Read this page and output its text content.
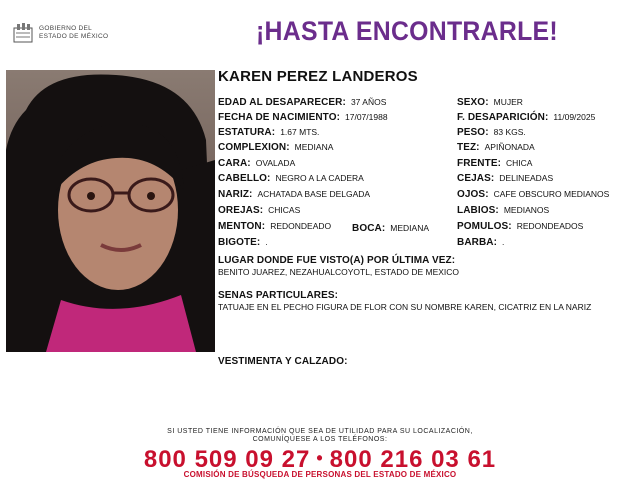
GOBIERNO DEL
ESTADO DE MÉXICO	¡HASTA ENCONTRARLE!
KAREN PEREZ LANDEROS
EDAD AL DESAPARECER: 37 AÑOS	SEXO: MUJER
FECHA DE NACIMIENTO: 17/07/1988	F. DESAPARICIÓN: 11/09/2025
ESTATURA: 1.67 MTS.	PESO: 83 KGS.
COMPLEXION: MEDIANA	TEZ: APIÑONADA
CARA: OVALADA	FRENTE: CHICA
CABELLO: NEGRO A LA CADERA	CEJAS: DELINEADAS
NARIZ: ACHATADA BASE DELGADA	OJOS: CAFE OBSCURO MEDIANOS
OREJAS: CHICAS	LABIOS: MEDIANOS
MENTON: REDONDEADO BOCA: MEDIANA	POMULOS: REDONDEADOS
BIGOTE: .	BARBA: .
LUGAR DONDE FUE VISTO(A) POR ÚLTIMA VEZ:
BENITO JUAREZ, NEZAHUALCOYOTL, ESTADO DE MEXICO
SENAS PARTICULARES:
TATUAJE EN EL PECHO FIGURA DE FLOR CON SU NOMBRE KAREN, CICATRIZ EN LA NARIZ
VESTIMENTA Y CALZADO:
SI USTED TIENE INFORMACIÓN QUE SEA DE UTILIDAD PARA SU LOCALIZACIÓN,
COMUNÍQUESE A LOS TELÉFONOS:
800 509 09 27 • 800 216 03 61
COMISIÓN DE BÚSQUEDA DE PERSONAS DEL ESTADO DE MÉXICO
